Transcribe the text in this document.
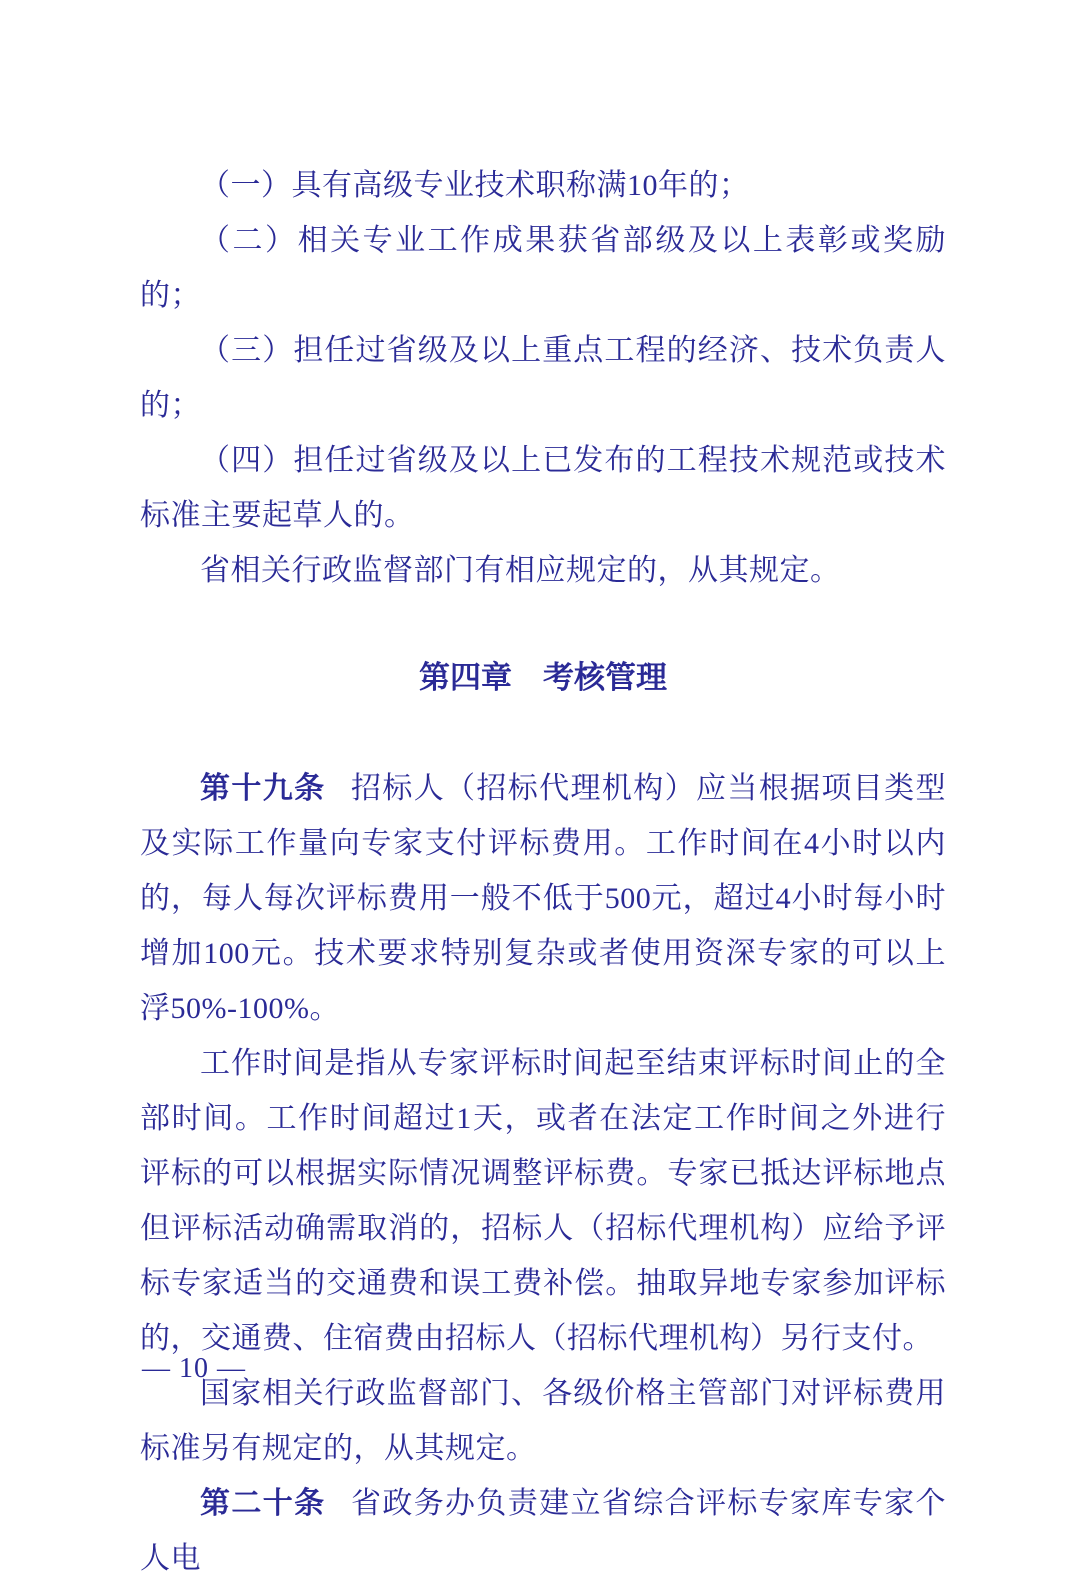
（一）具有高级专业技术职称满10年的；

（二）相关专业工作成果获省部级及以上表彰或奖励的；

（三）担任过省级及以上重点工程的经济、技术负责人的；

（四）担任过省级及以上已发布的工程技术规范或技术标准主要起草人的。

省相关行政监督部门有相应规定的，从其规定。

第四章　考核管理

第十九条 招标人（招标代理机构）应当根据项目类型及实际工作量向专家支付评标费用。工作时间在4小时以内的，每人每次评标费用一般不低于500元，超过4小时每小时增加100元。技术要求特别复杂或者使用资深专家的可以上浮50%-100%。

工作时间是指从专家评标时间起至结束评标时间止的全部时间。工作时间超过1天，或者在法定工作时间之外进行评标的可以根据实际情况调整评标费。专家已抵达评标地点但评标活动确需取消的，招标人（招标代理机构）应给予评标专家适当的交通费和误工费补偿。抽取异地专家参加评标的，交通费、住宿费由招标人（招标代理机构）另行支付。

国家相关行政监督部门、各级价格主管部门对评标费用标准另有规定的，从其规定。

第二十条 省政务办负责建立省综合评标专家库专家个人电

— 10 —
